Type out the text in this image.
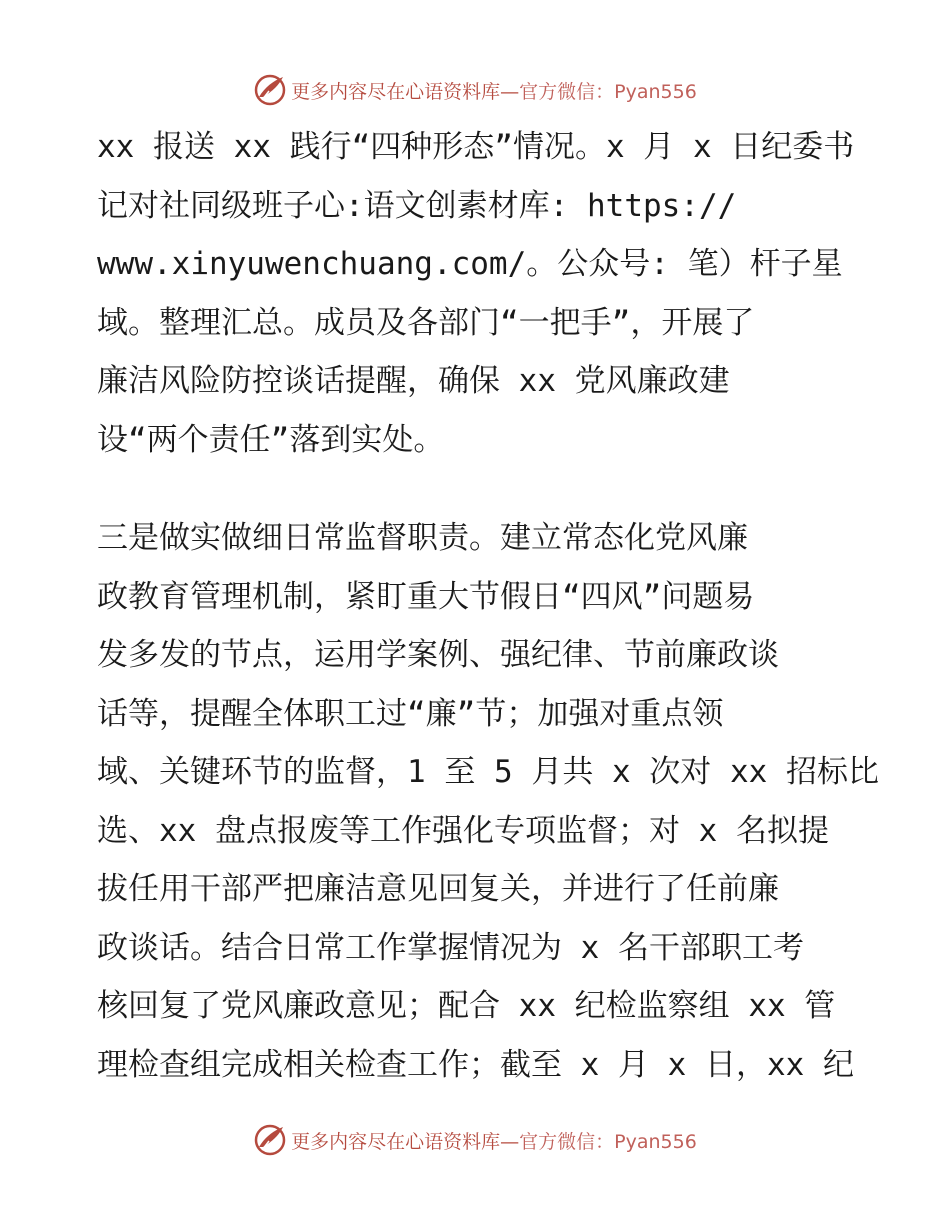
更多内容尽在心语资料库— 官方微信：Pyan556
xx 报送 xx 践行“四种形态”情况。x 月 x 日纪委书
记对社同级班子心:语文创素材库: https://
www.xinyuwenchuang.com/。公众号: 笔）杆子星
域。整理汇总。成员及各部门“一把手”，开展了
廉洁风险防控谈话提醒，确保 xx 党风廉政建
设“两个责任”落到实处。
三是做实做细日常监督职责。建立常态化党风廉
政教育管理机制，紧盯重大节假日“四风”问题易
发多发的节点，运用学案例、强纪律、节前廉政谈
话等，提醒全体职工过“廉”节；加强对重点领
域、关键环节的监督，1 至 5 月共 x 次对 xx 招标比
选、xx 盘点报废等工作强化专项监督；对 x 名拟提
拔任用干部严把廉洁意见回复关，并进行了任前廉
政谈话。结合日常工作掌握情况为 x 名干部职工考
核回复了党风廉政意见；配合 xx 纪检监察组 xx 管
理检查组完成相关检查工作；截至 x 月 x 日，xx 纪
更多内容尽在心语资料库— 官方微信：Pyan556
